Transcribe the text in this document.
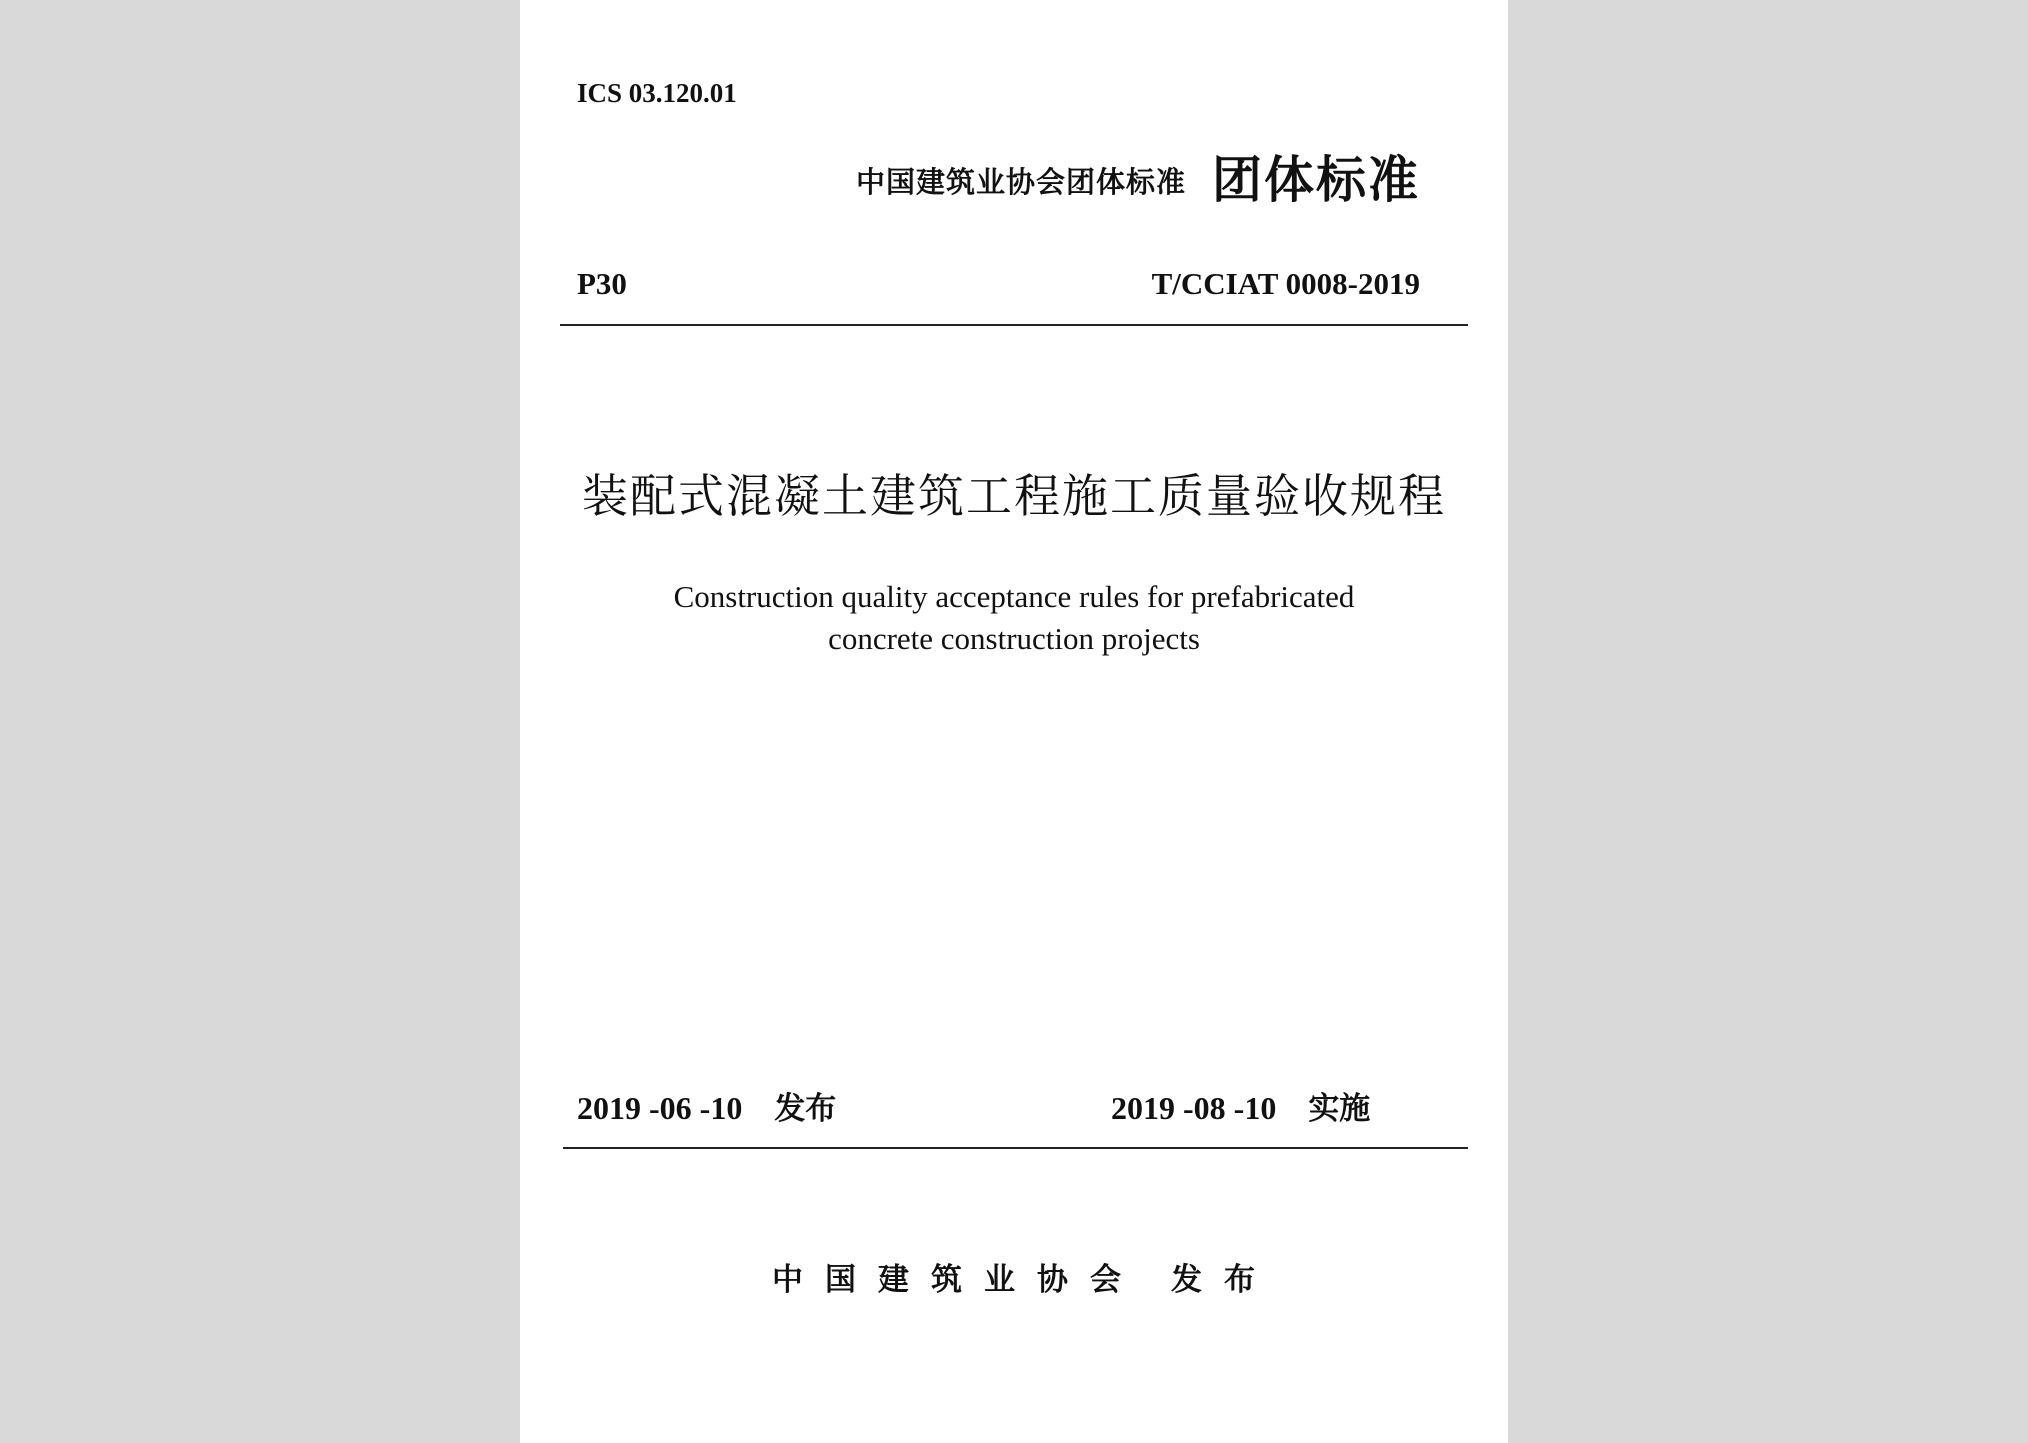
ICS 03.120.01
中国建筑业协会团体标准 团体标准
P30	T/CCIAT 0008-2019
装配式混凝土建筑工程施工质量验收规程
Construction quality acceptance rules for prefabricated
concrete construction projects
2019 -06 -10 发布	2019 -08 -10 实施
中国建筑业协会 发布
